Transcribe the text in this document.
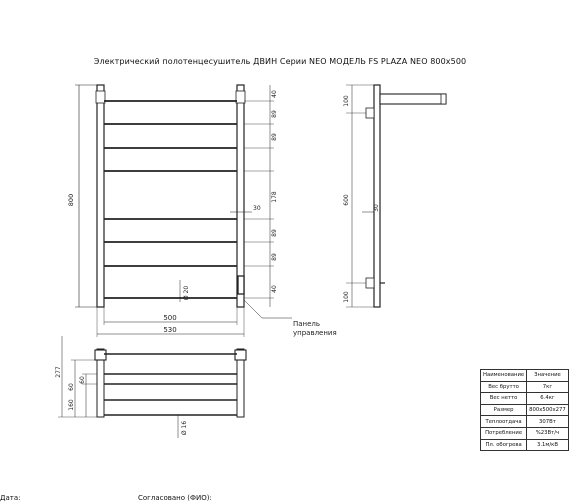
Электрический полотенцесушитель ДВИН Серии NEO МОДЕЛЬ FS PLAZA NEO 800x500
800
40
89
89
178
89
89
40
30
Ø 20
500
530
Панель
управления
100
600
100
30
277
60
60
160
Ø 16
Наименование	Значение
Вес брутто	7кг
Вес нетто	6.4кг
Размер	800x500x277
Теплоотдача	307Вт
Потребление	%23Вт/ч
Пл. обогрева	3.1м/кВ
Дата:	Согласовано (ФИО):
